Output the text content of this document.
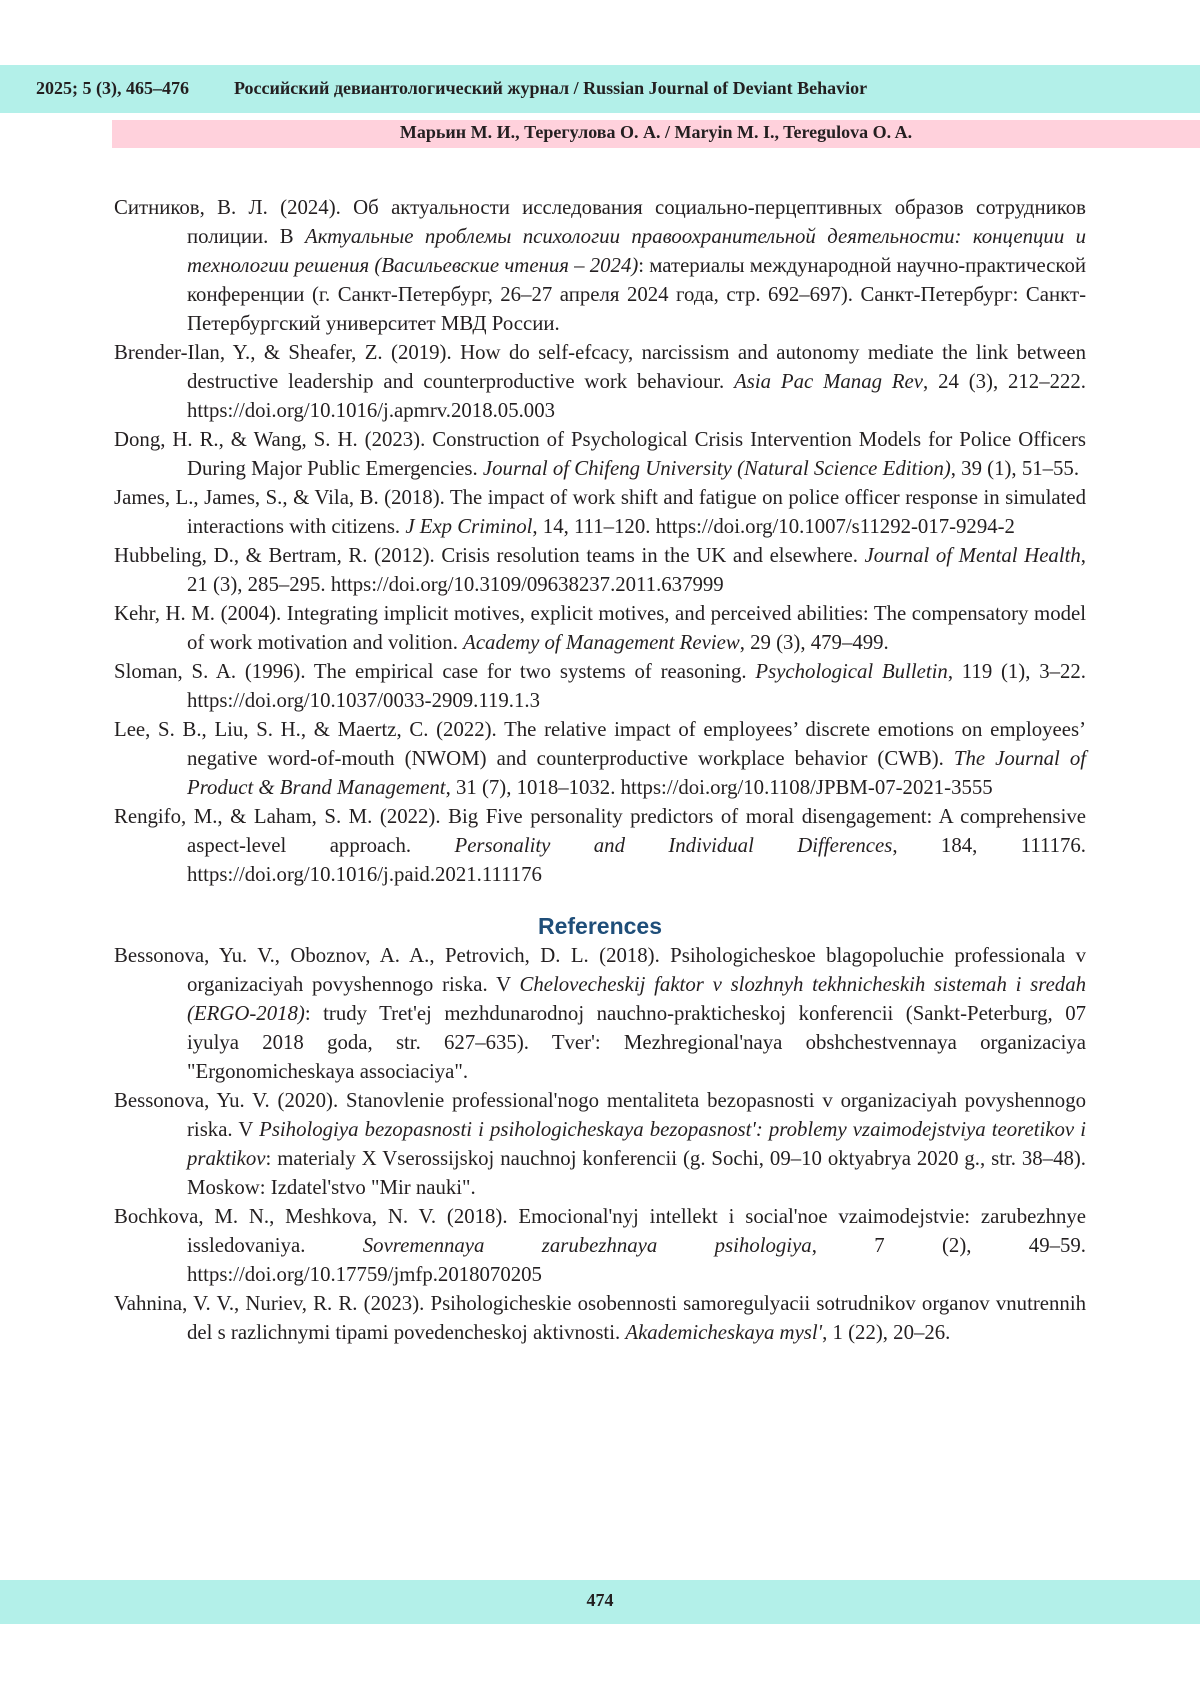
2025; 5 (3), 465–476	Российский девиантологический журнал / Russian Journal of Deviant Behavior
Марьин М. И., Терегулова О. А. / Maryin M. I., Teregulova O. A.

Ситников, В. Л. (2024). Об актуальности исследования социально-перцептивных образов сотрудников полиции. В Актуальные проблемы психологии правоохранительной деятельности: концепции и технологии решения (Васильевские чтения – 2024): материалы международной научно-практической конференции (г. Санкт-Петербург, 26–27 апреля 2024 года, стр. 692–697). Санкт-Петербург: Санкт-Петербургский университет МВД России.

Brender-Ilan, Y., & Sheafer, Z. (2019). How do self-efcacy, narcissism and autonomy mediate the link between destructive leadership and counterproductive work behaviour. Asia Pac Manag Rev, 24 (3), 212–222. https://doi.org/10.1016/j.apmrv.2018.05.003

Dong, H. R., & Wang, S. H. (2023). Construction of Psychological Crisis Intervention Models for Police Officers During Major Public Emergencies. Journal of Chifeng University (Natural Science Edition), 39 (1), 51–55.

James, L., James, S., & Vila, B. (2018). The impact of work shift and fatigue on police officer response in simulated interactions with citizens. J Exp Criminol, 14, 111–120. https://doi.org/10.1007/s11292-017-9294-2

Hubbeling, D., & Bertram, R. (2012). Crisis resolution teams in the UK and elsewhere. Journal of Mental Health, 21 (3), 285–295. https://doi.org/10.3109/09638237.2011.637999

Kehr, H. M. (2004). Integrating implicit motives, explicit motives, and perceived abilities: The compensatory model of work motivation and volition. Academy of Management Review, 29 (3), 479–499.

Sloman, S. A. (1996). The empirical case for two systems of reasoning. Psychological Bulletin, 119 (1), 3–22. https://doi.org/10.1037/0033-2909.119.1.3

Lee, S. B., Liu, S. H., & Maertz, C. (2022). The relative impact of employees’ discrete emotions on employees’ negative word-of-mouth (NWOM) and counterproductive workplace behavior (CWB). The Journal of Product & Brand Management, 31 (7), 1018–1032. https://doi.org/10.1108/JPBM-07-2021-3555

Rengifo, M., & Laham, S. M. (2022). Big Five personality predictors of moral disengagement: A comprehensive aspect-level approach. Personality and Individual Differences, 184, 111176. https://doi.org/10.1016/j.paid.2021.111176

References

Bessonova, Yu. V., Oboznov, A. A., Petrovich, D. L. (2018). Psihologicheskoe blagopoluchie professionala v organizaciyah povyshennogo riska. V Chelovecheskij faktor v slozhnyh tekhnicheskih sistemah i sredah (ERGO-2018): trudy Tret'ej mezhdunarodnoj nauchno-prakticheskoj konferencii (Sankt-Peterburg, 07 iyulya 2018 goda, str. 627–635). Tver': Mezhregional'naya obshchestvennaya organizaciya "Ergonomicheskaya associaciya".

Bessonova, Yu. V. (2020). Stanovlenie professional'nogo mentaliteta bezopasnosti v organizaciyah povyshennogo riska. V Psihologiya bezopasnosti i psihologicheskaya bezopasnost': problemy vzaimodejstviya teoretikov i praktikov: materialy X Vserossijskoj nauchnoj konferencii (g. Sochi, 09–10 oktyabrya 2020 g., str. 38–48). Moskow: Izdatel'stvo "Mir nauki".

Bochkova, M. N., Meshkova, N. V. (2018). Emocional'nyj intellekt i social'noe vzaimodejstvie: zarubezhnye issledovaniya. Sovremennaya zarubezhnaya psihologiya, 7 (2), 49–59. https://doi.org/10.17759/jmfp.2018070205

Vahnina, V. V., Nuriev, R. R. (2023). Psihologicheskie osobennosti samoregulyacii sotrudnikov organov vnutrennih del s razlichnymi tipami povedencheskoj aktivnosti. Akademicheskaya mysl', 1 (22), 20–26.

474
